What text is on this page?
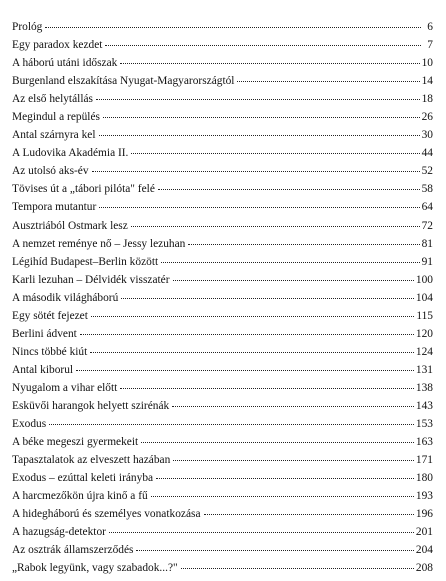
Prológ	6
Egy paradox kezdet	7
A háború utáni időszak	10
Burgenland elszakítása Nyugat-Magyarországtól	14
Az első helytállás	18
Megindul a repülés	26
Antal szárnyra kel	30
A Ludovika Akadémia II.	44
Az utolsó aks-év	52
Tövises út a „tábori pilóta" felé	58
Tempora mutantur	64
Ausztriából Ostmark lesz	72
A nemzet reménye nő – Jessy lezuhan	81
Légihíd Budapest–Berlin között	91
Karli lezuhan – Délvidék visszatér	100
A második világháború	104
Egy sötét fejezet	115
Berlini ádvent	120
Nincs többé kiút	124
Antal kiborul	131
Nyugalom a vihar előtt	138
Esküvői harangok helyett szirénák	143
Exodus	153
A béke megeszi gyermekeit	163
Tapasztalatok az elveszett hazában	171
Exodus – ezúttal keleti irányba	180
A harcmezőkön újra kinő a fű	193
A hidegháború és személyes vonatkozása	196
A hazugság-detektor	201
Az osztrák államszerződés	204
„Rabok legyünk, vagy szabadok...?"	208
